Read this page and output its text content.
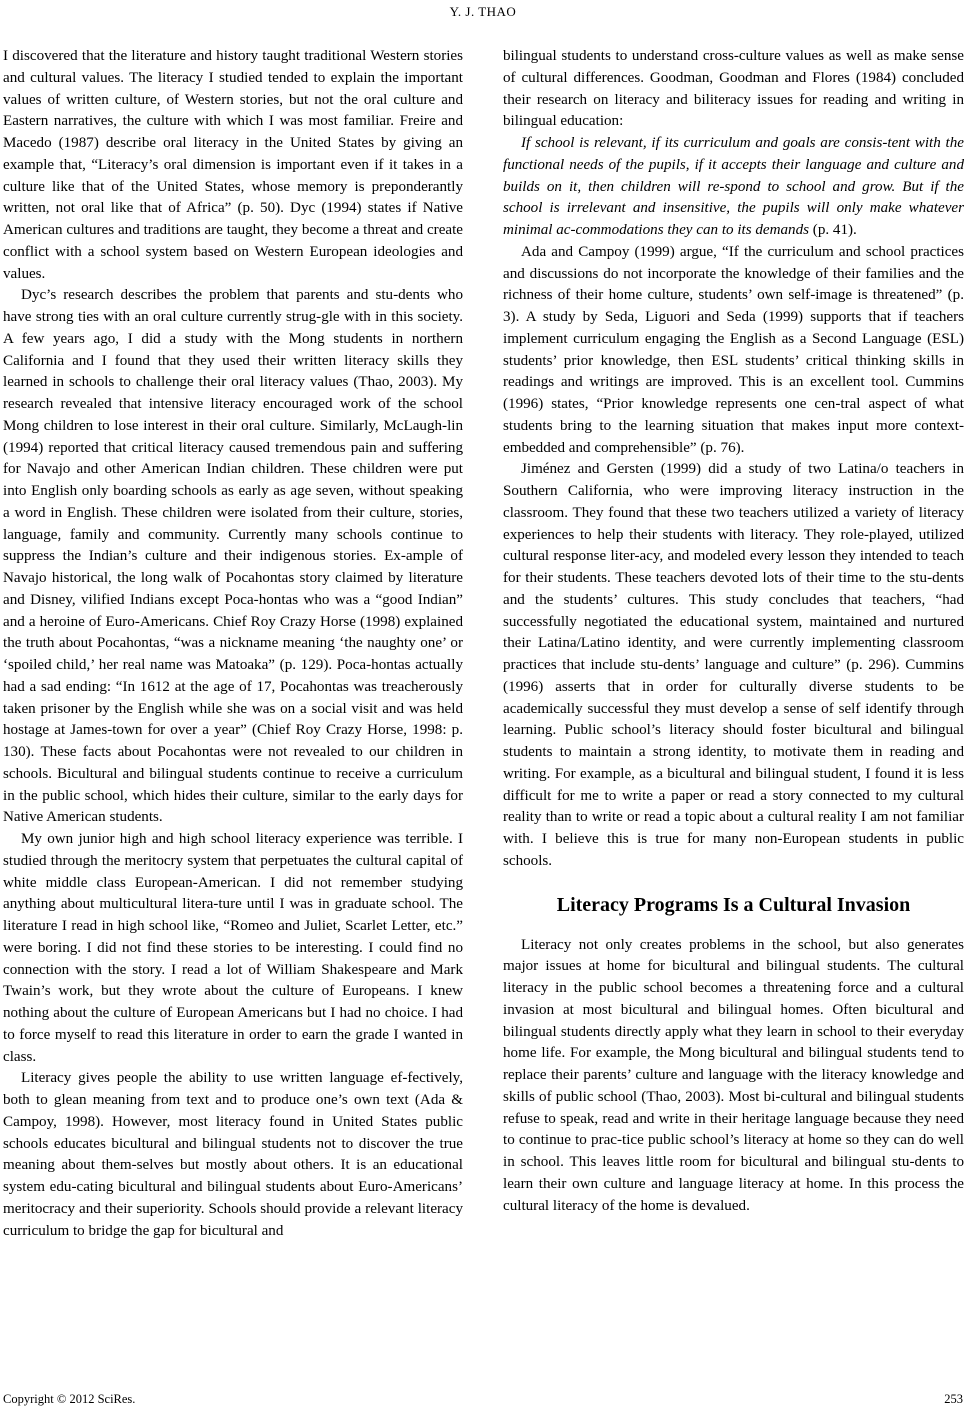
Y. J. THAO

I discovered that the literature and history taught traditional Western stories and cultural values. The literacy I studied tended to explain the important values of written culture, of Western stories, but not the oral culture and Eastern narratives, the culture with which I was most familiar. Freire and Macedo (1987) describe oral literacy in the United States by giving an example that, “Literacy’s oral dimension is important even if it takes in a culture like that of the United States, whose memory is preponderantly written, not oral like that of Africa” (p. 50). Dyc (1994) states if Native American cultures and traditions are taught, they become a threat and create conflict with a school system based on Western European ideologies and values.

Dyc’s research describes the problem that parents and stu-dents who have strong ties with an oral culture currently strug-gle with in this society. A few years ago, I did a study with the Mong students in northern California and I found that they used their written literacy skills they learned in schools to challenge their oral literacy values (Thao, 2003). My research revealed that intensive literacy encouraged work of the school Mong children to lose interest in their oral culture. Similarly, McLaugh-lin (1994) reported that critical literacy caused tremendous pain and suffering for Navajo and other American Indian children. These children were put into English only boarding schools as early as age seven, without speaking a word in English. These children were isolated from their culture, stories, language, family and community. Currently many schools continue to suppress the Indian’s culture and their indigenous stories. Ex-ample of Navajo historical, the long walk of Pocahontas story claimed by literature and Disney, vilified Indians except Poca-hontas who was a “good Indian” and a heroine of Euro-Americans. Chief Roy Crazy Horse (1998) explained the truth about Pocahontas, “was a nickname meaning ‘the naughty one’ or ‘spoiled child,’ her real name was Matoaka” (p. 129). Poca-hontas actually had a sad ending: “In 1612 at the age of 17, Pocahontas was treacherously taken prisoner by the English while she was on a social visit and was held hostage at James-town for over a year” (Chief Roy Crazy Horse, 1998: p. 130). These facts about Pocahontas were not revealed to our children in schools. Bicultural and bilingual students continue to receive a curriculum in the public school, which hides their culture, similar to the early days for Native American students.

My own junior high and high school literacy experience was terrible. I studied through the meritocry system that perpetuates the cultural capital of white middle class European-American. I did not remember studying anything about multicultural litera-ture until I was in graduate school. The literature I read in high school like, “Romeo and Juliet, Scarlet Letter, etc.” were boring. I did not find these stories to be interesting. I could find no connection with the story. I read a lot of William Shakespeare and Mark Twain’s work, but they wrote about the culture of Europeans. I knew nothing about the culture of European Americans but I had no choice. I had to force myself to read this literature in order to earn the grade I wanted in class.

Literacy gives people the ability to use written language ef-fectively, both to glean meaning from text and to produce one’s own text (Ada & Campoy, 1998). However, most literacy found in United States public schools educates bicultural and bilingual students not to discover the true meaning about them-selves but mostly about others. It is an educational system edu-cating bicultural and bilingual students about Euro-Americans’ meritocracy and their superiority. Schools should provide a relevant literacy curriculum to bridge the gap for bicultural and

bilingual students to understand cross-culture values as well as make sense of cultural differences. Goodman, Goodman and Flores (1984) concluded their research on literacy and biliteracy issues for reading and writing in bilingual education:

If school is relevant, if its curriculum and goals are consis-tent with the functional needs of the pupils, if it accepts their language and culture and builds on it, then children will re-spond to school and grow. But if the school is irrelevant and insensitive, the pupils will only make whatever minimal ac-commodations they can to its demands (p. 41).

Ada and Campoy (1999) argue, “If the curriculum and school practices and discussions do not incorporate the knowledge of their families and the richness of their home culture, students’ own self-image is threatened” (p. 3). A study by Seda, Liguori and Seda (1999) supports that if teachers implement curriculum engaging the English as a Second Language (ESL) students’ prior knowledge, then ESL students’ critical thinking skills in readings and writings are improved. This is an excellent tool. Cummins (1996) states, “Prior knowledge represents one cen-tral aspect of what students bring to the learning situation that makes input more context-embedded and comprehensible” (p. 76).

Jiménez and Gersten (1999) did a study of two Latina/o teachers in Southern California, who were improving literacy instruction in the classroom. They found that these two teachers utilized a variety of literacy experiences to help their students with literacy. They role-played, utilized cultural response liter-acy, and modeled every lesson they intended to teach for their students. These teachers devoted lots of their time to the stu-dents and the students’ cultures. This study concludes that teachers, “had successfully negotiated the educational system, maintained and nurtured their Latina/Latino identity, and were currently implementing classroom practices that include stu-dents’ language and culture” (p. 296). Cummins (1996) asserts that in order for culturally diverse students to be academically successful they must develop a sense of self identify through learning. Public school’s literacy should foster bicultural and bilingual students to maintain a strong identity, to motivate them in reading and writing. For example, as a bicultural and bilingual student, I found it is less difficult for me to write a paper or read a story connected to my cultural reality than to write or read a topic about a cultural reality I am not familiar with. I believe this is true for many non-European students in public schools.

Literacy Programs Is a Cultural Invasion

Literacy not only creates problems in the school, but also generates major issues at home for bicultural and bilingual students. The cultural literacy in the public school becomes a threatening force and a cultural invasion at most bicultural and bilingual homes. Often bicultural and bilingual students directly apply what they learn in school to their everyday home life. For example, the Mong bicultural and bilingual students tend to replace their parents’ culture and language with the literacy knowledge and skills of public school (Thao, 2003). Most bi-cultural and bilingual students refuse to speak, read and write in their heritage language because they need to continue to prac-tice public school’s literacy at home so they can do well in school. This leaves little room for bicultural and bilingual stu-dents to learn their own culture and language literacy at home. In this process the cultural literacy of the home is devalued.

Copyright © 2012 SciRes.	253
